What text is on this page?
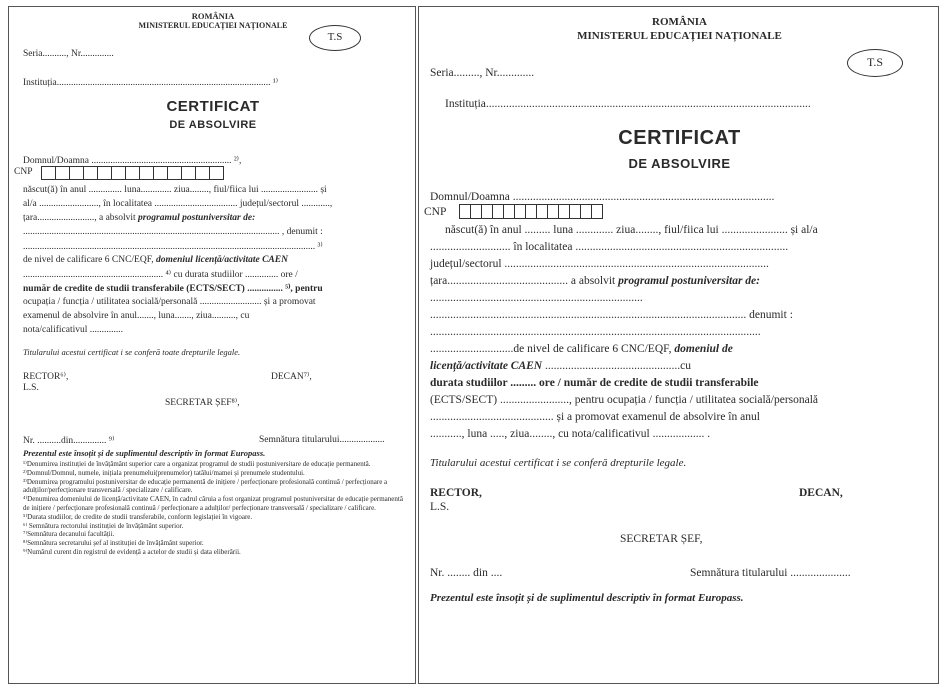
ROMÂNIA
MINISTERUL EDUCAȚIEI NAȚIONALE
T.S
Seria.........., Nr..............
Instituția.......................................................................................... ¹⁾
CERTIFICAT
DE ABSOLVIRE
Domnul/Doamna ........................................................... ²⁾,
CNP
născut(ă) în anul .............. luna............. ziua........, fiul/fiica lui ........................ și
al/a ........................., în localitatea ................................... județul/sectorul ............,
țara........................, a absolvit programul postuniversitar de:
............................................................................................................ , denumit :
........................................................................................................................... ³⁾
de nivel de calificare 6 CNC/EQF, domeniul licență/activitate CAEN
........................................................... ⁴⁾ cu durata studiilor .............. ore /
număr de credite de studii transferabile (ECTS/SECT) ............... ⁵⁾, pentru
ocupația / funcția / utilitatea socială/personală .......................... și a promovat
examenul de absolvire în anul......., luna......., ziua.........., cu
nota/calificativul ..............
Titularului acestui certificat i se conferă toate drepturile legale.
RECTOR⁶⁾,	DECAN⁷⁾,
L.S.
SECRETAR ȘEF⁸⁾,
Nr. ..........din.............. ⁹⁾	Semnătura titularului...................
Prezentul este însoțit și de suplimentul descriptiv în format Europass.
¹⁾Denumirea instituției de învățământ superior care a organizat programul de studii postuniversitare de educație permanentă.
²⁾Domnul/Domnul, numele, inițiala prenumelui(prenumelor) tatălui/mamei și prenumele studentului.
³⁾Denumirea programului postuniversitar de educație permanentă de inițiere / perfecționare profesională continuă / perfecționare a adulților/perfecționare transversală / specializare / calificare.
⁴⁾Denumirea domeniului de licență/activitate CAEN, în cadrul căruia a fost organizat programul postuniversitar de educație permanentă de inițiere / perfecționare profesională continuă / perfecționare a adulților/ perfecționare transversală / specializare / calificare.
⁵⁾Durata studiilor, de credite de studii transferabile, conform legislației în vigoare.
⁶⁾ Semnătura rectorului instituției de învățământ superior.
⁷⁾Semnătura decanului facultății.
⁸⁾Semnătura secretarului șef al instituției de învățământ superior.
⁹⁾Numărul curent din registrul de evidență a actelor de studii și data eliberării.
ROMÂNIA
MINISTERUL EDUCAȚIEI NAȚIONALE
T.S
Seria........., Nr.............
Instituția.................................................................................................................
CERTIFICAT
DE ABSOLVIRE
Domnul/Doamna ...........................................................................................
CNP
născut(ă) în anul ......... luna ............. ziua........, fiul/fiica lui ....................... și al/a
............................ în localitatea ..........................................................................
județul/sectorul ............................................................................................
țara.......................................... a absolvit programul postuniversitar de:
..........................................................................
.............................................................................................................. denumit :
...................................................................................................................
.............................de nivel de calificare 6 CNC/EQF, domeniul de
licență/activitate CAEN ...............................................cu
durata studiilor ......... ore / număr de credite de studii transferabile
(ECTS/SECT) ........................, pentru ocupația / funcția / utilitatea socială/personală
........................................... și a promovat examenul de absolvire în anul
..........., luna ....., ziua........, cu nota/calificativul .................. .
Titularului acestui certificat i se conferă drepturile legale.
RECTOR,	DECAN,
L.S.
SECRETAR ȘEF,
Nr. ........ din ....	Semnătura titularului .....................
Prezentul este însoțit și de suplimentul descriptiv în format Europass.
